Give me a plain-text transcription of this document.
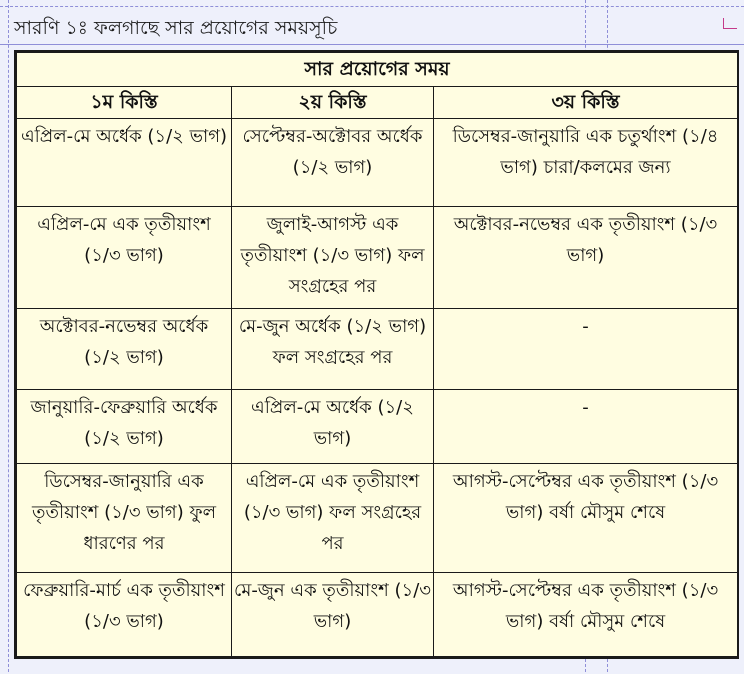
সারণি ১ঃ ফলগাছে সার প্রয়োগের সময়সূচি
সার প্রয়োগের সময়		
১ম কিস্তি	২য় কিস্তি	৩য় কিস্তি
এপ্রিল-মে অর্ধেক (১/২ ভাগ)	সেপ্টেম্বর-অক্টোবর অর্ধেক (১/২ ভাগ)	ডিসেম্বর-জানুয়ারি এক চতুর্থাংশ (১/৪ ভাগ) চারা/কলমের জন্য
এপ্রিল-মে এক তৃতীয়াংশ (১/৩ ভাগ)	জুলাই-আগস্ট এক তৃতীয়াংশ (১/৩ ভাগ) ফল সংগ্রহের পর	অক্টোবর-নভেম্বর এক তৃতীয়াংশ (১/৩ ভাগ)
অক্টোবর-নভেম্বর অর্ধেক (১/২ ভাগ)	মে-জুন অর্ধেক (১/২ ভাগ) ফল সংগ্রহের পর	-
জানুয়ারি-ফেব্রুয়ারি অর্ধেক (১/২ ভাগ)	এপ্রিল-মে অর্ধেক (১/২ ভাগ)	-
ডিসেম্বর-জানুয়ারি এক তৃতীয়াংশ (১/৩ ভাগ) ফুল ধারণের পর	এপ্রিল-মে এক তৃতীয়াংশ (১/৩ ভাগ) ফল সংগ্রহের পর	আগস্ট-সেপ্টেম্বর এক তৃতীয়াংশ (১/৩ ভাগ) বর্ষা মৌসুম শেষে
ফেব্রুয়ারি-মার্চ এক তৃতীয়াংশ (১/৩ ভাগ)	মে-জুন এক তৃতীয়াংশ (১/৩ ভাগ)	আগস্ট-সেপ্টেম্বর এক তৃতীয়াংশ (১/৩ ভাগ) বর্ষা মৌসুম শেষে
